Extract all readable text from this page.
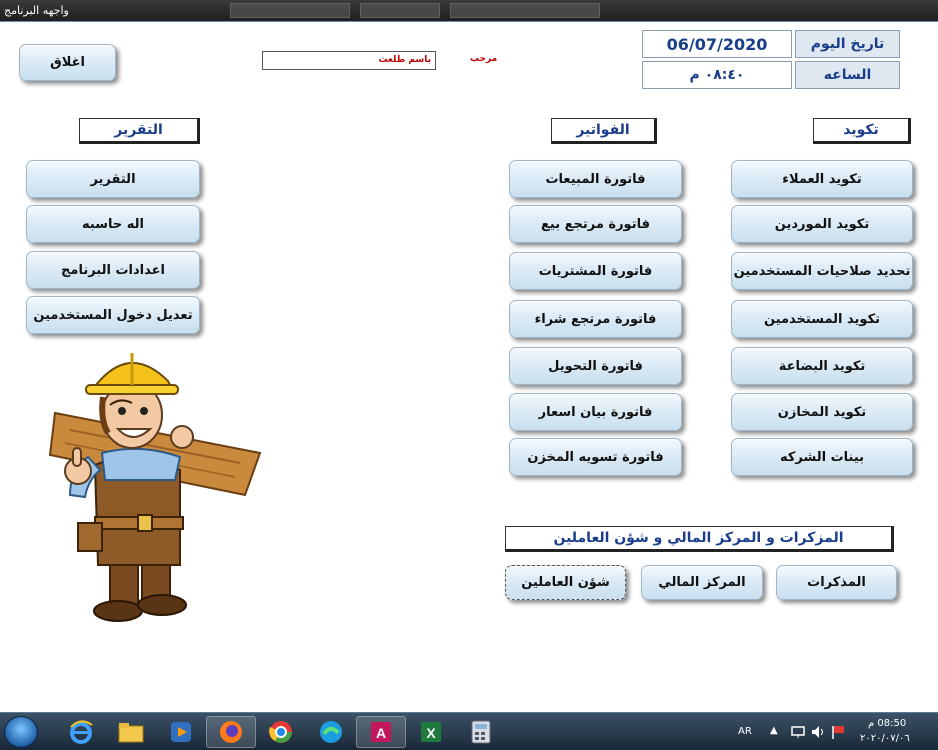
واجهه البرنامج
اغلاق	باسم طلعت	مرحب
06/07/2020	تاريخ اليوم
٠٨:٤٠ م	الساعه
تكويد
الفواتير
التقرير
المزكرات و المركز المالي و شؤن العاملين
تكويد العملاء
تكويد الموردين
تحديد صلاحيات المستخدمين
تكويد المستخدمين
تكويد البضاعة
تكويد المخازن
بينات الشركه
فاتورة المبيعات
فاتورة مرتجع بيع
فاتورة المشتريات
فاتورة مرتجع شراء
فاتورة التحويل
فاتورة بيان اسعار
فاتورة تسويه المخزن
التقرير
اله حاسبه
اعدادات البرنامج
تعديل دخول المستخدمين
المذكرات
المركز المالي
شؤن العاملين
A	X	AR ▲
08:50 م
٢٠٢٠/٠٧/٠٦
